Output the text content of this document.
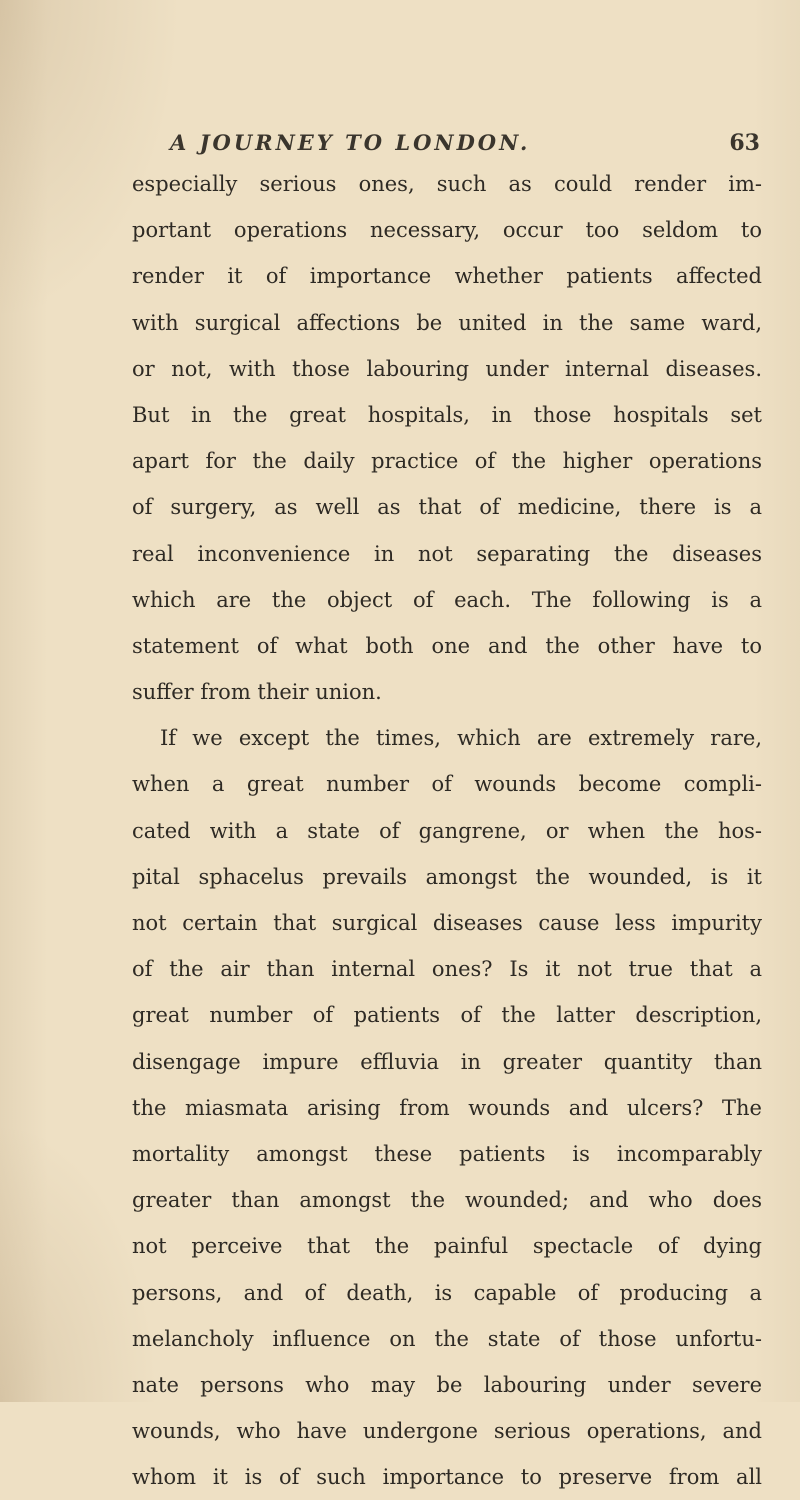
A JOURNEY TO LONDON.	63
especially serious ones, such as could render im-
portant operations necessary, occur too seldom to
render it of importance whether patients affected
with surgical affections be united in the same ward,
or not, with those labouring under internal diseases.
But in the great hospitals, in those hospitals set
apart for the daily practice of the higher operations
of surgery, as well as that of medicine, there is a
real inconvenience in not separating the diseases
which are the object of each. The following is a
statement of what both one and the other have to
suffer from their union.
If we except the times, which are extremely rare,
when a great number of wounds become compli-
cated with a state of gangrene, or when the hos-
pital sphacelus prevails amongst the wounded, is it
not certain that surgical diseases cause less impurity
of the air than internal ones? Is it not true that a
great number of patients of the latter description,
disengage impure effluvia in greater quantity than
the miasmata arising from wounds and ulcers? The
mortality amongst these patients is incomparably
greater than amongst the wounded; and who does
not perceive that the painful spectacle of dying
persons, and of death, is capable of producing a
melancholy influence on the state of those unfortu-
nate persons who may be labouring under severe
wounds, who have undergone serious operations, and
whom it is of such importance to preserve from all
